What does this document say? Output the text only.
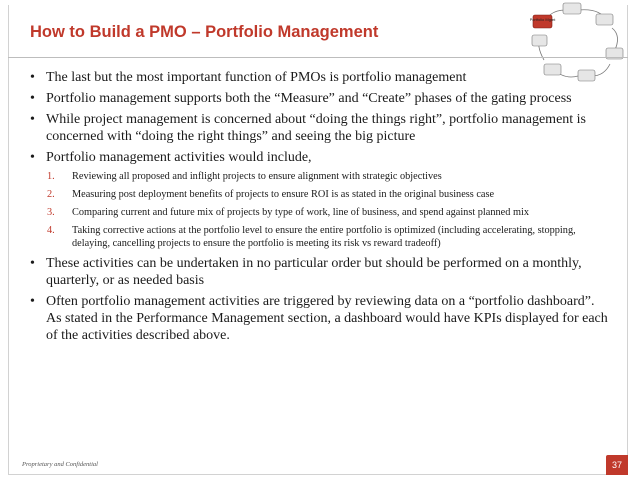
How to Build a PMO – Portfolio Management
Portfolio Mgmt
• The last but the most important function of PMOs is portfolio management
• Portfolio management supports both the “Measure” and “Create” phases of the gating process
• While project management is concerned about “doing the things right”, portfolio management is concerned with “doing the right things” and seeing the big picture
• Portfolio management activities would include,
1. Reviewing all proposed and inflight projects to ensure alignment with strategic objectives
2. Measuring post deployment benefits of projects to ensure ROI is as stated in the original business case
3. Comparing current and future mix of projects by type of work, line of business, and spend against planned mix
4. Taking corrective actions at the portfolio level to ensure the entire portfolio is optimized (including accelerating, stopping, delaying, cancelling projects to ensure the portfolio is meeting its risk vs reward tradeoff)
• These activities can be undertaken in no particular order but should be performed on a monthly, quarterly, or as needed basis
• Often portfolio management activities are triggered by reviewing data on a “portfolio dashboard”. As stated in the Performance Management section, a dashboard would have KPIs displayed for each of the activities described above.

Proprietary and Confidential	37
